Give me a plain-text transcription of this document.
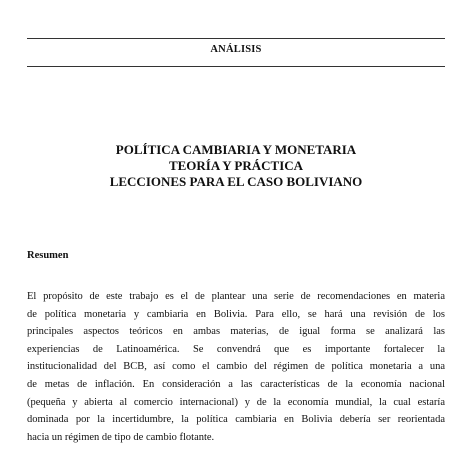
ANÁLISIS
POLÍTICA CAMBIARIA Y MONETARIA
TEORÍA Y PRÁCTICA
LECCIONES PARA EL CASO BOLIVIANO
Resumen
El propósito de este trabajo es el de plantear una serie de recomendaciones en materia
de política monetaria y cambiaria en Bolivia. Para ello, se hará una revisión de los
principales aspectos teóricos en ambas materias, de igual forma se analizará las
experiencias de Latinoamérica. Se convendrá que es importante fortalecer la
institucionalidad del BCB, así como el cambio del régimen de política monetaria a una
de metas de inflación. En consideración a las características de la economía nacional
(pequeña y abierta al comercio internacional) y de la economía mundial, la cual estaría
dominada por la incertidumbre, la política cambiaria en Bolivia debería ser reorientada
hacia un régimen de tipo de cambio flotante.
